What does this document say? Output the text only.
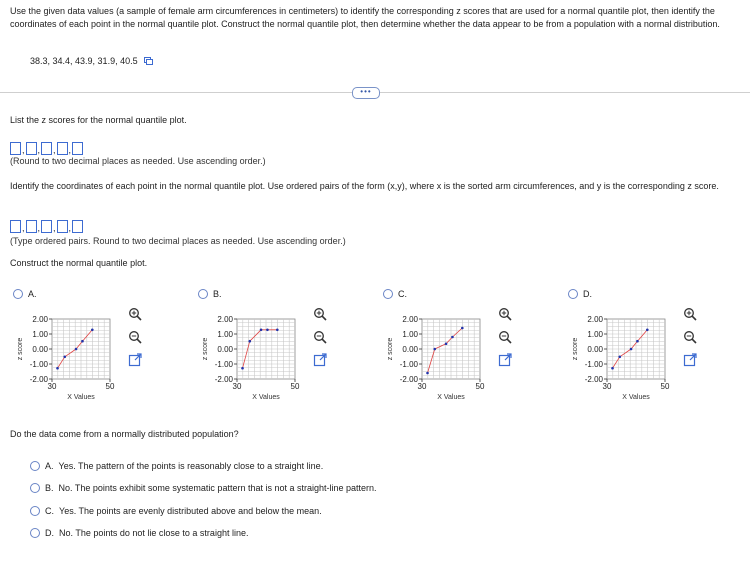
Use the given data values (a sample of female arm circumferences in centimeters) to identify the corresponding z scores that are used for a normal quantile plot, then identify the coordinates of each point in the normal quantile plot. Construct the normal quantile plot, then determine whether the data appear to be from a population with a normal distribution.
38.3, 34.4, 43.9, 31.9, 40.5
•••
List the z scores for the normal quantile plot.
, , , ,
(Round to two decimal places as needed. Use ascending order.)
Identify the coordinates of each point in the normal quantile plot. Use ordered pairs of the form (x,y), where x is the sorted arm circumferences, and y is the corresponding z score.
, , , ,
(Type ordered pairs. Round to two decimal places as needed. Use ascending order.)
Construct the normal quantile plot.
A.
2.00
1.00
0.00
-1.00
-2.00
30	50
X Values
z score
B.
2.00
1.00
0.00
-1.00
-2.00
30	50
X Values
z score
C.
2.00
1.00
0.00
-1.00
-2.00
30	50
X Values
z score
D.
2.00
1.00
0.00
-1.00
-2.00
30	50
X Values
z score
Do the data come from a normally distributed population?
A. Yes. The pattern of the points is reasonably close to a straight line.
B. No. The points exhibit some systematic pattern that is not a straight-line pattern.
C. Yes. The points are evenly distributed above and below the mean.
D. No. The points do not lie close to a straight line.
